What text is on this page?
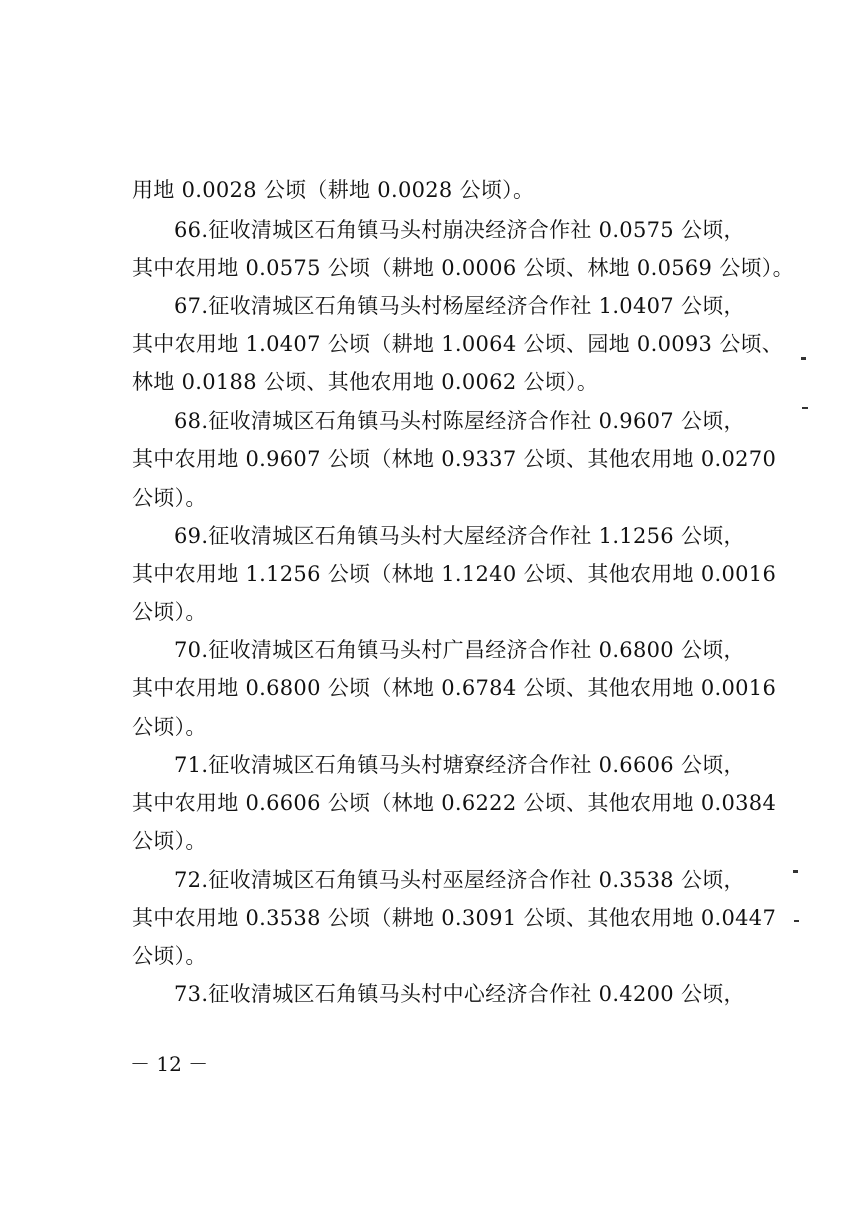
用地 0.0028 公顷（耕地 0.0028 公顷）。
66.征收清城区石角镇马头村崩决经济合作社 0.0575 公顷，
其中农用地 0.0575 公顷（耕地 0.0006 公顷、林地 0.0569 公顷）。
67.征收清城区石角镇马头村杨屋经济合作社 1.0407 公顷，
其中农用地 1.0407 公顷（耕地 1.0064 公顷、园地 0.0093 公顷、
林地 0.0188 公顷、其他农用地 0.0062 公顷）。
68.征收清城区石角镇马头村陈屋经济合作社 0.9607 公顷，
其中农用地 0.9607 公顷（林地 0.9337 公顷、其他农用地 0.0270
公顷）。
69.征收清城区石角镇马头村大屋经济合作社 1.1256 公顷，
其中农用地 1.1256 公顷（林地 1.1240 公顷、其他农用地 0.0016
公顷）。
70.征收清城区石角镇马头村广昌经济合作社 0.6800 公顷，
其中农用地 0.6800 公顷（林地 0.6784 公顷、其他农用地 0.0016
公顷）。
71.征收清城区石角镇马头村塘寮经济合作社 0.6606 公顷，
其中农用地 0.6606 公顷（林地 0.6222 公顷、其他农用地 0.0384
公顷）。
72.征收清城区石角镇马头村巫屋经济合作社 0.3538 公顷，
其中农用地 0.3538 公顷（耕地 0.3091 公顷、其他农用地 0.0447
公顷）。
73.征收清城区石角镇马头村中心经济合作社 0.4200 公顷，
－ 12 －
